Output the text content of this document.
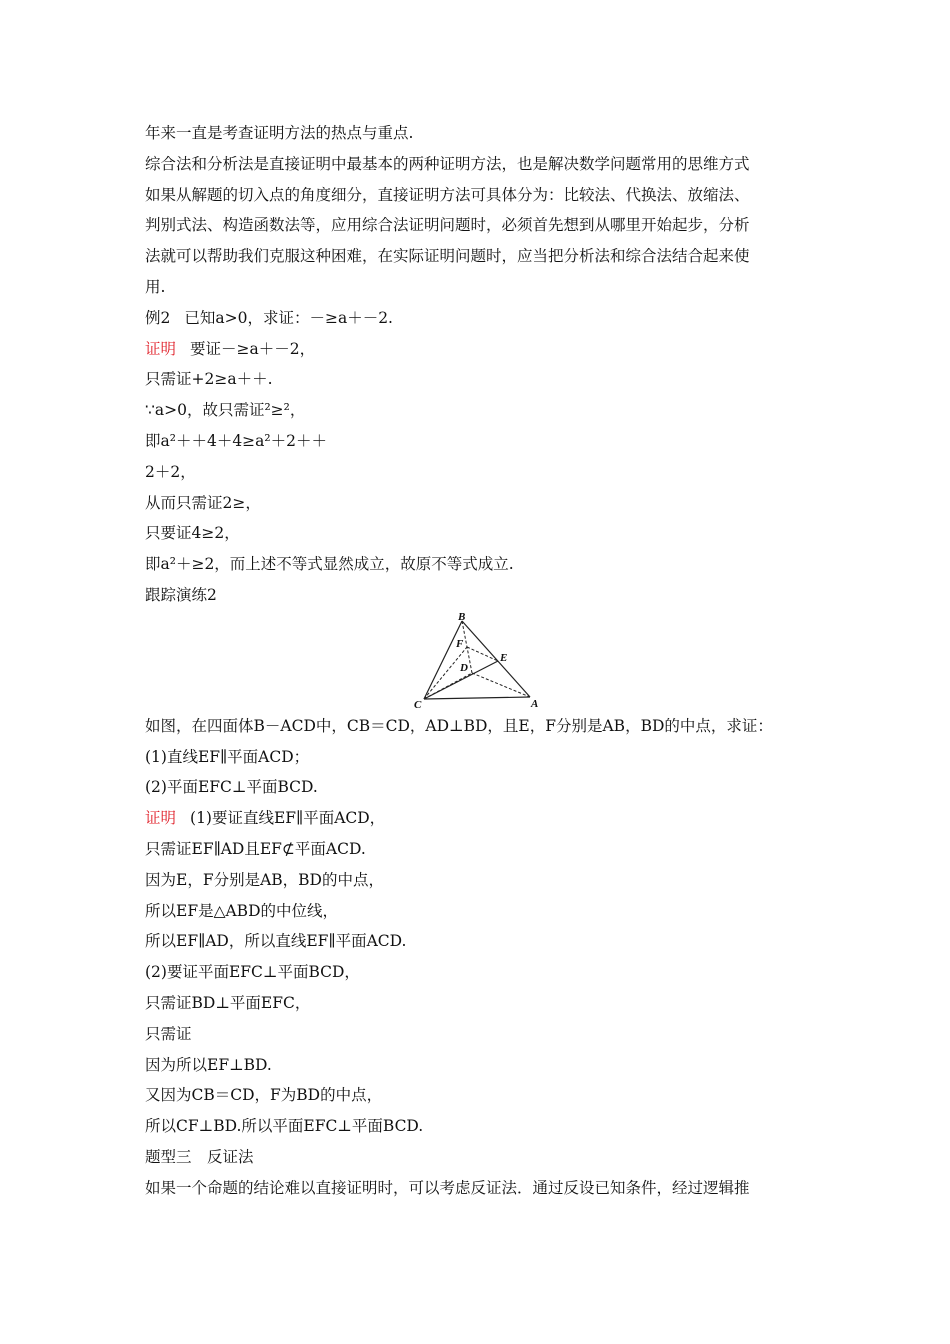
年来一直是考查证明方法的热点与重点.
综合法和分析法是直接证明中最基本的两种证明方法，也是解决数学问题常用的思维方式
如果从解题的切入点的角度细分，直接证明方法可具体分为：比较法、代换法、放缩法、
判别式法、构造函数法等，应用综合法证明问题时，必须首先想到从哪里开始起步，分析
法就可以帮助我们克服这种困难，在实际证明问题时，应当把分析法和综合法结合起来使
用.
例2 已知a>0，求证：－≥a＋－2.
证明 要证－≥a＋－2，
只需证+2≥a＋＋.
∵a>0，故只需证²≥²，
即a²＋＋4＋4≥a²＋2＋＋
2＋2，
从而只需证2≥，
只要证4≥2，
即a²＋≥2，而上述不等式显然成立，故原不等式成立.
跟踪演练2
B
F
E
D
C	A
如图，在四面体B－ACD中，CB＝CD，AD⊥BD，且E，F分别是AB，BD的中点，求证：
(1)直线EF∥平面ACD；
(2)平面EFC⊥平面BCD.
证明 (1)要证直线EF∥平面ACD，
只需证EF∥AD且EF⊄平面ACD.
因为E，F分别是AB，BD的中点，
所以EF是△ABD的中位线，
所以EF∥AD，所以直线EF∥平面ACD.
(2)要证平面EFC⊥平面BCD，
只需证BD⊥平面EFC，
只需证
因为所以EF⊥BD.
又因为CB＝CD，F为BD的中点，
所以CF⊥BD.所以平面EFC⊥平面BCD.
题型三　反证法
如果一个命题的结论难以直接证明时，可以考虑反证法．通过反设已知条件，经过逻辑推
